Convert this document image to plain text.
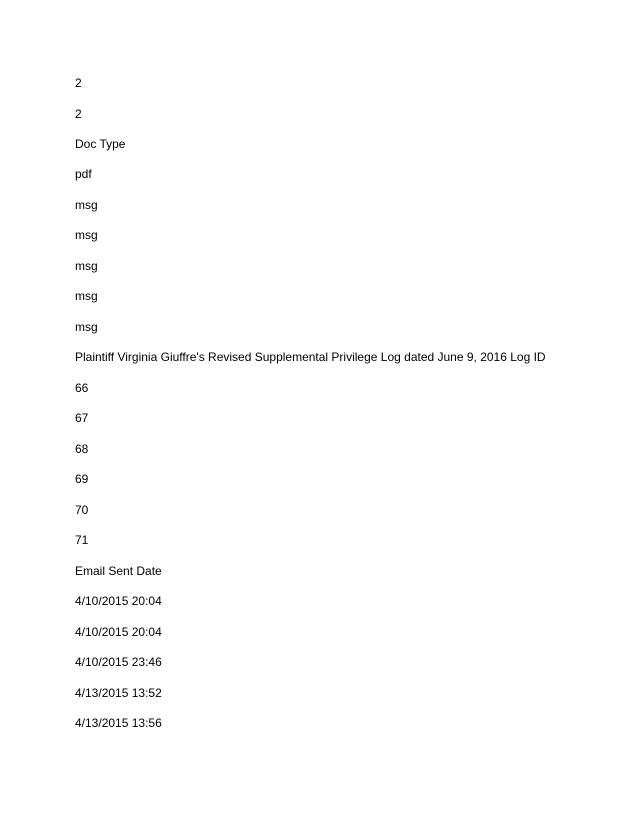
2

2

Doc Type

pdf

msg

msg

msg

msg

msg

Plaintiff Virginia Giuffre's Revised Supplemental Privilege Log dated June 9, 2016 Log ID

66

67

68

69

70

71

Email Sent Date

4/10/2015 20:04

4/10/2015 20:04

4/10/2015 23:46

4/13/2015 13:52

4/13/2015 13:56
